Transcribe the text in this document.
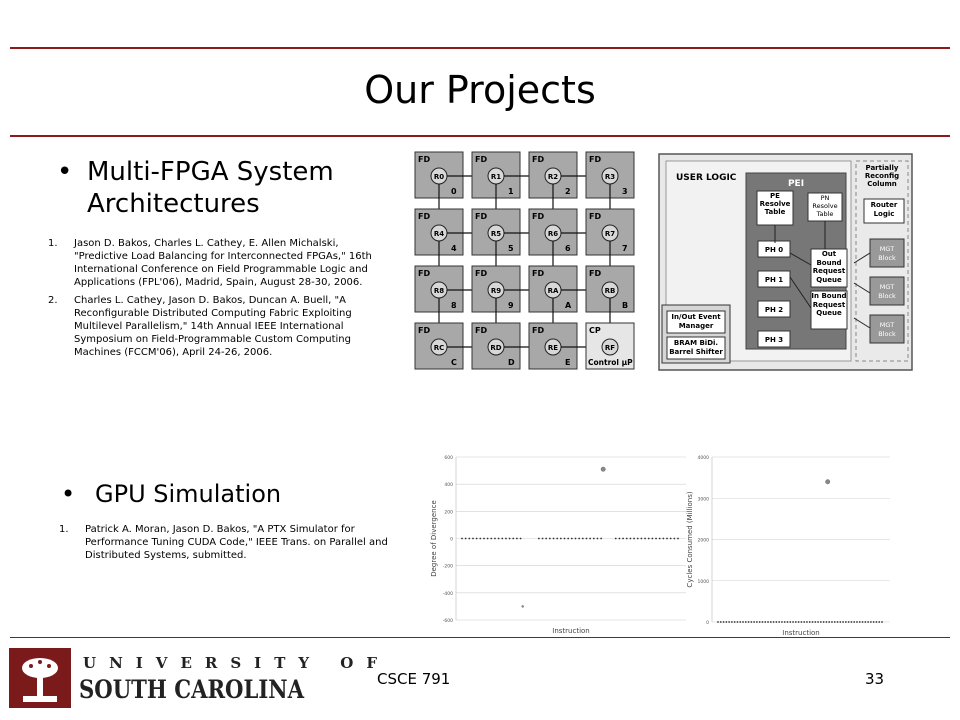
Our Projects
• Multi-FPGA System
Architectures
1. Jason D. Bakos, Charles L. Cathey, E. Allen Michalski, "Predictive Load Balancing for Interconnected FPGAs," 16th International Conference on Field Programmable Logic and Applications (FPL'06), Madrid, Spain, August 28-30, 2006.
2. Charles L. Cathey, Jason D. Bakos, Duncan A. Buell, "A Reconfigurable Distributed Computing Fabric Exploiting Multilevel Parallelism," 14th Annual IEEE International Symposium on Field-Programmable Custom Computing Machines (FCCM'06), April 24-26, 2006.
FD
R0
0
FD
R1
1
FD
R2
2
FD
R3
3
FD
R4
4
FD
R5
5
FD
R6
6
FD
R7
7
FD
R8
8
FD
R9
9
FD
RA
A
FD
RB
B
FD
RC
C
FD
RD
D
FD
RE
E
CP
RF
Control μP
USER LOGIC
PEI
PE Resolve Table
PN Resolve Table
PH 0
PH 1
PH 2
PH 3
Out Bound Request Queue
In Bound Request Queue
In/Out Event Manager
BRAM BiDi. Barrel Shifter
Partially Reconfig Column
Router Logic
MGT
Block
MGT
Block
MGT
Block
• GPU Simulation
1. Patrick A. Moran, Jason D. Bakos, "A PTX Simulator for Performance Tuning CUDA Code," IEEE Trans. on Parallel and Distributed Systems, submitted.
600
400
200
0
-200
-400
-600
Instruction
Degree of Divergence
4000
3000
2000
1000
0
Instruction
Cycles Consumed (Millions)
UNIVERSITY OF
SOUTH CAROLINA	CSCE 791	33
